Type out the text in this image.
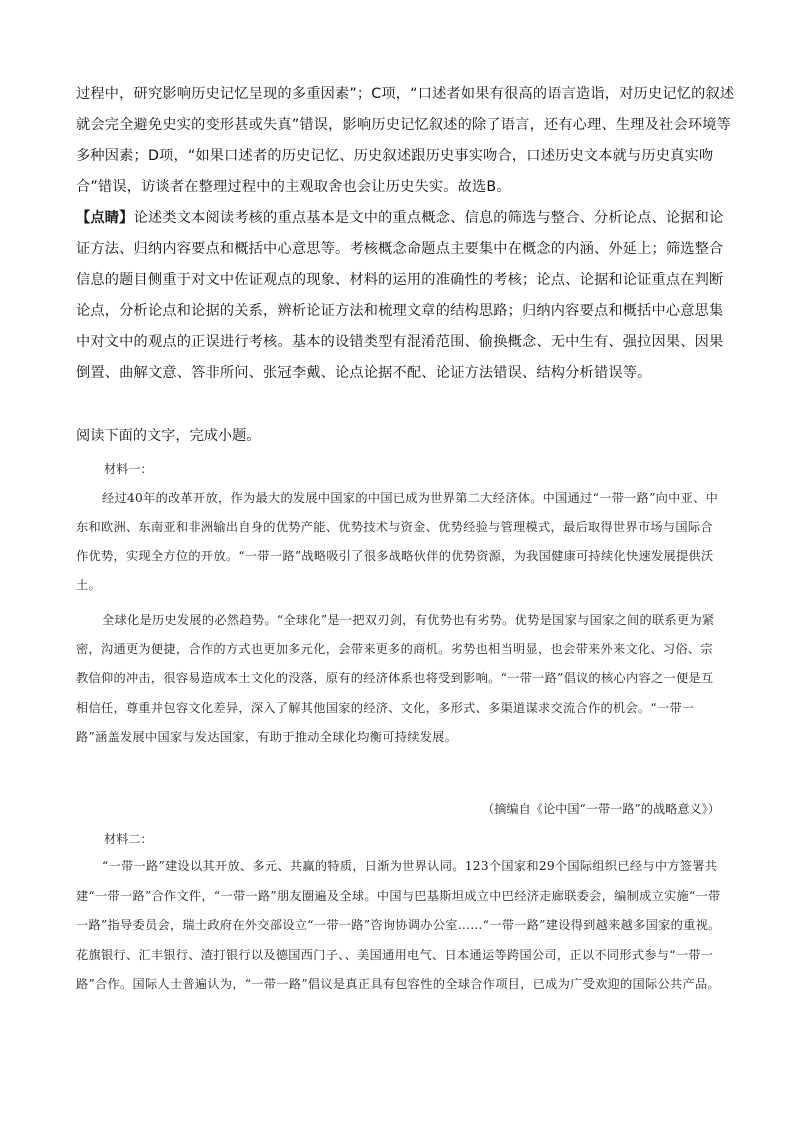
过程中，研究影响历史记忆呈现的多重因素”；C项，“口述者如果有很高的语言造诣，对历史记忆的叙述就会完全避免史实的变形甚或失真”错误，影响历史记忆叙述的除了语言，还有心理、生理及社会环境等多种因素；D项，“如果口述者的历史记忆、历史叙述跟历史事实吻合，口述历史文本就与历史真实吻合”错误，访谈者在整理过程中的主观取舍也会让历史失实。故选B。

【点睛】论述类文本阅读考核的重点基本是文中的重点概念、信息的筛选与整合、分析论点、论据和论证方法、归纳内容要点和概括中心意思等。考核概念命题点主要集中在概念的内涵、外延上；筛选整合信息的题目侧重于对文中佐证观点的现象、材料的运用的准确性的考核；论点、论据和论证重点在判断论点，分析论点和论据的关系，辨析论证方法和梳理文章的结构思路；归纳内容要点和概括中心意思集中对文中的观点的正误进行考核。基本的设错类型有混淆范围、偷换概念、无中生有、强拉因果、因果倒置、曲解文意、答非所问、张冠李戴、论点论据不配、论证方法错误、结构分析错误等。

阅读下面的文字，完成小题。
材料一：

经过40年的改革开放，作为最大的发展中国家的中国已成为世界第二大经济体。中国通过“一带一路”向中亚、中东和欧洲、东南亚和非洲输出自身的优势产能、优势技术与资金、优势经验与管理模式，最后取得世界市场与国际合作优势，实现全方位的开放。“一带一路”战略吸引了很多战略伙伴的优势资源，为我国健康可持续化快速发展提供沃土。

全球化是历史发展的必然趋势。“全球化”是一把双刃剑，有优势也有劣势。优势是国家与国家之间的联系更为紧密，沟通更为便捷，合作的方式也更加多元化，会带来更多的商机。劣势也相当明显，也会带来外来文化、习俗、宗教信仰的冲击，很容易造成本土文化的没落，原有的经济体系也将受到影响。“一带一路”倡议的核心内容之一便是互相信任，尊重并包容文化差异，深入了解其他国家的经济、文化，多形式、多渠道谋求交流合作的机会。“一带一路”涵盖发展中国家与发达国家，有助于推动全球化均衡可持续发展。

（摘编自《论中国“一带一路”的战略意义》）
材料二：

“一带一路”建设以其开放、多元、共赢的特质，日渐为世界认同。123个国家和29个国际组织已经与中方签署共建“一带一路”合作文件，“一带一路”朋友圈遍及全球。中国与巴基斯坦成立中巴经济走廊联委会，编制成立实施“一带一路”指导委员会，瑞士政府在外交部设立“一带一路”咨询协调办公室……“一带一路”建设得到越来越多国家的重视。花旗银行、汇丰银行、渣打银行以及德国西门子、、美国通用电气、日本通运等跨国公司，正以不同形式参与“一带一路”合作。国际人士普遍认为，“一带一路”倡议是真正具有包容性的全球合作项目，已成为广受欢迎的国际公共产品。
